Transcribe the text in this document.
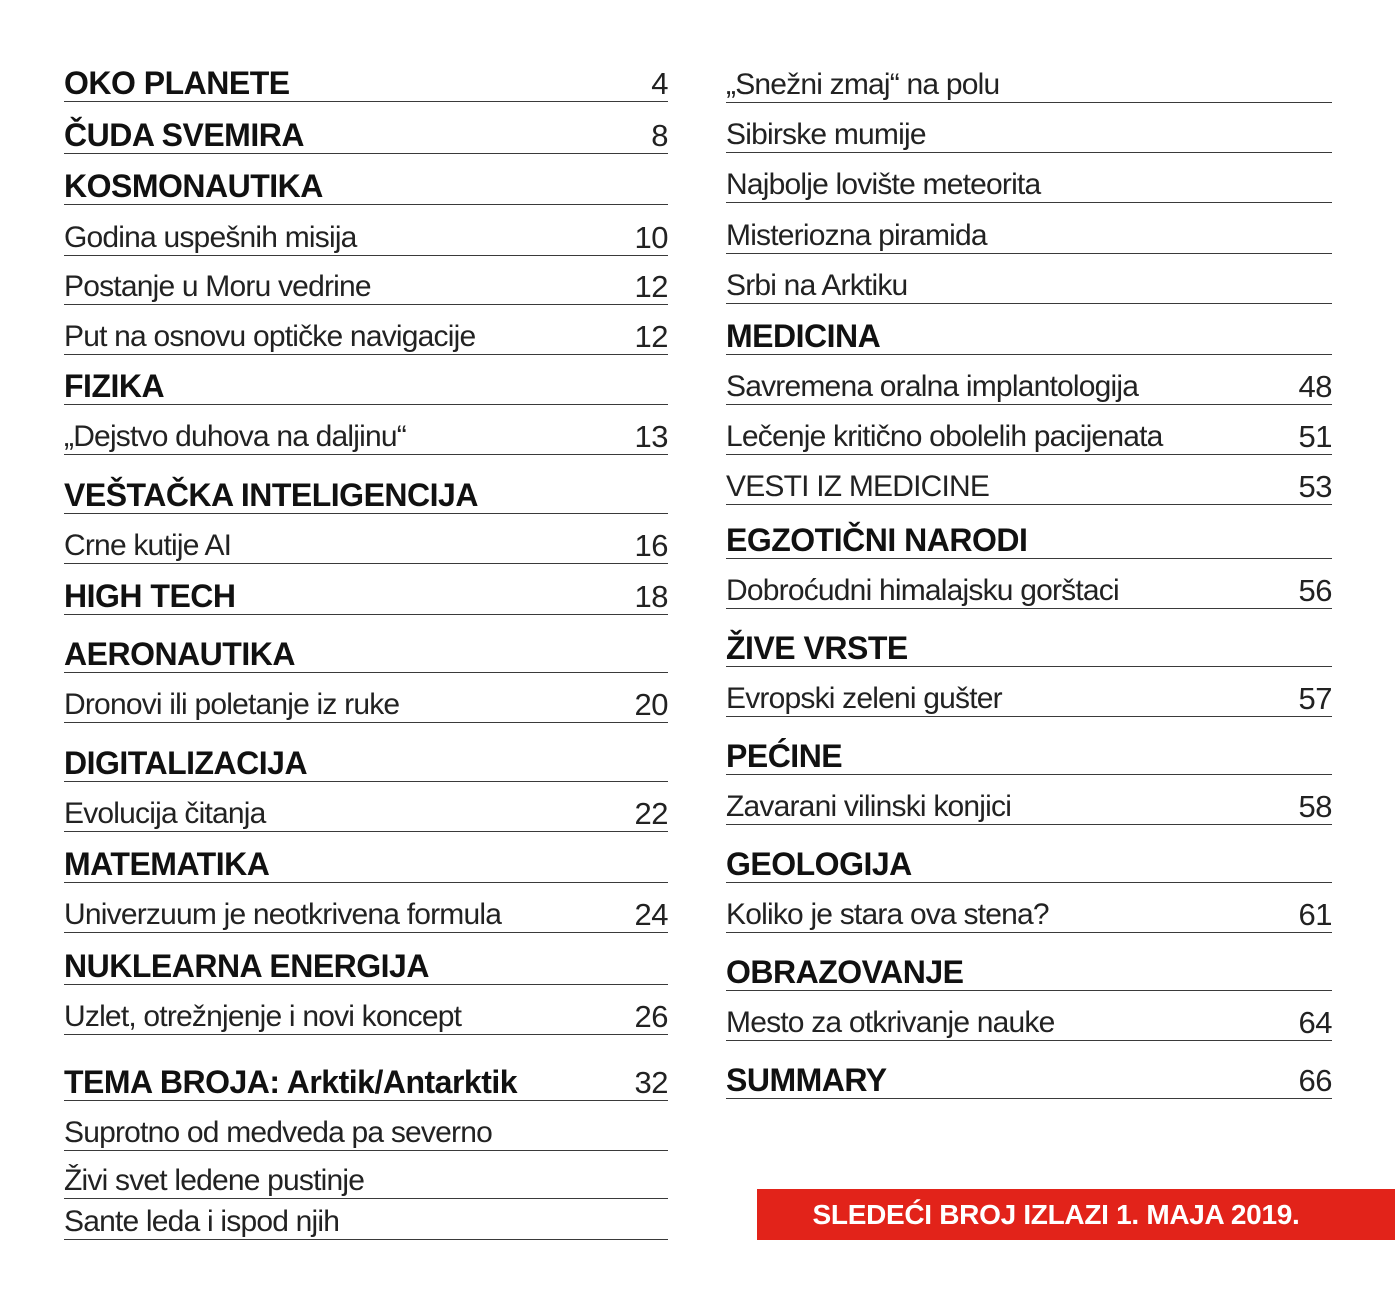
OKO PLANETE	4
ČUDA SVEMIRA	8
KOSMONAUTIKA
Godina uspešnih misija	10
Postanje u Moru vedrine	12
Put na osnovu optičke navigacije	12
FIZIKA
„Dejstvo duhova na daljinu“	13
VEŠTAČKA INTELIGENCIJA
Crne kutije AI	16
HIGH TECH	18
AERONAUTIKA
Dronovi ili poletanje iz ruke	20
DIGITALIZACIJA
Evolucija čitanja	22
MATEMATIKA
Univerzuum je neotkrivena formula	24
NUKLEARNA ENERGIJA
Uzlet, otrežnjenje i novi koncept	26
TEMA BROJA: Arktik/Antarktik	32
Suprotno od medveda pa severno
Živi svet ledene pustinje
Sante leda i ispod njih
„Snežni zmaj“ na polu
Sibirske mumije
Najbolje lovište meteorita
Misteriozna piramida
Srbi na Arktiku
MEDICINA
Savremena oralna implantologija	48
Lečenje kritično obolelih pacijenata	51
VESTI IZ MEDICINE	53
EGZOTIČNI NARODI
Dobroćudni himalajsku gorštaci	56
ŽIVE VRSTE
Evropski zeleni gušter	57
PEĆINE
Zavarani vilinski konjici	58
GEOLOGIJA
Koliko je stara ova stena?	61
OBRAZOVANJE
Mesto za otkrivanje nauke	64
SUMMARY	66
SLEDEĆI BROJ IZLAZI 1. MAJA 2019.
